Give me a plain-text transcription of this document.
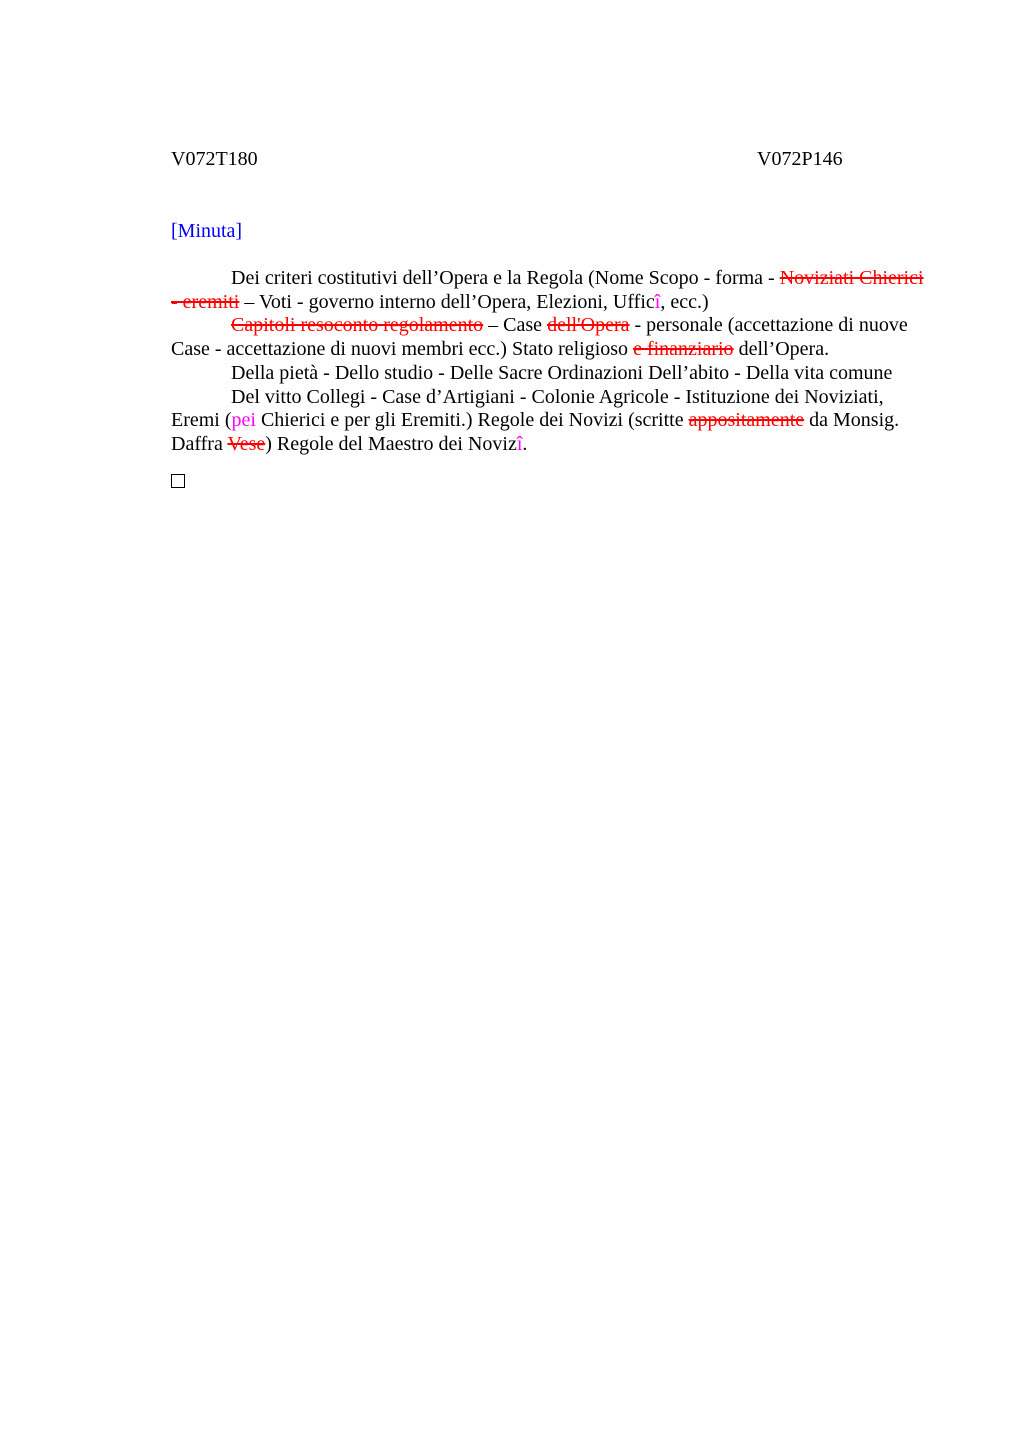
V072T180	V072P146
[Minuta]

Dei criteri costitutivi dell’Opera e la Regola (Nome Scopo - forma - Noviziati Chierici - eremiti – Voti - governo interno dell’Opera, Elezioni, Ufficî, ecc.)

Capitoli resoconto regolamento – Case dell'Opera - personale (accettazione di nuove Case - accettazione di nuovi membri ecc.) Stato religioso e finanziario dell’Opera.

Della pietà - Dello studio - Delle Sacre Ordinazioni Dell’abito - Della vita comune

Del vitto Collegi - Case d’Artigiani - Colonie Agricole - Istituzione dei Noviziati, Eremi (pei Chierici e per gli Eremiti.) Regole dei Novizi (scritte appositamente da Monsig. Daffra Vese) Regole del Maestro dei Novizî.
